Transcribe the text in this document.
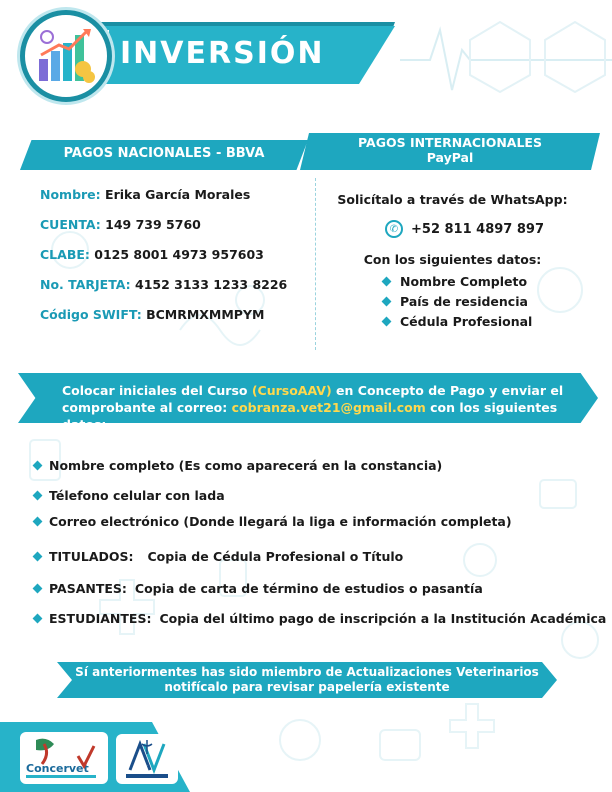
INVERSIÓN
PAGOS NACIONALES - BBVA
PAGOS INTERNACIONALES
PayPal
Nombre: Erika García Morales
CUENTA: 149 739 5760
CLABE: 0125 8001 4973 957603
No. TARJETA: 4152 3133 1233 8226
Código SWIFT: BCMRMXMMPYM
Solicítalo a través de WhatsApp:
✆ +52 811 4897 897
Con los siguientes datos:
Nombre Completo
País de residencia
Cédula Profesional
Colocar iniciales del Curso (CursoAAV) en Concepto de Pago y enviar el
comprobante al correo: cobranza.vet21@gmail.com con los siguientes datos:
Nombre completo (Es como aparecerá en la constancia)
Télefono celular con lada
Correo electrónico (Donde llegará la liga e información completa)
TITULADOS: Copia de Cédula Profesional o Título
PASANTES: Copia de carta de término de estudios o pasantía
ESTUDIANTES: Copia del último pago de inscripción a la Institución Académica
Sí anteriormentes has sido miembro de Actualizaciones Veterinarios
notifícalo para revisar papelería existente
Concervet	AV
